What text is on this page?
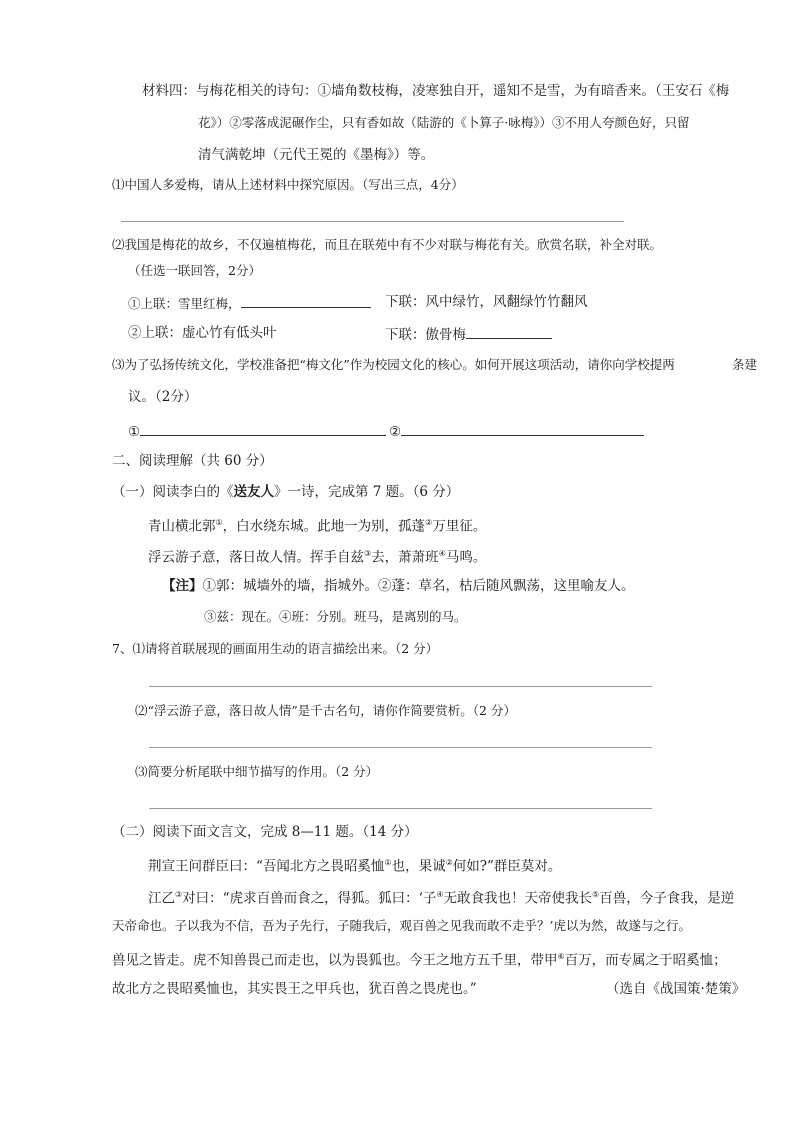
材料四：与梅花相关的诗句：①墙角数枝梅，凌寒独自开，遥知不是雪，为有暗香来。（王安石《梅
花》）②零落成泥碾作尘，只有香如故（陆游的《卜算子·咏梅》）③不用人夸颜色好，只留
清气满乾坤（元代王冕的《墨梅》）等。
⑴中国人多爱梅，请从上述材料中探究原因。（写出三点，4分）
⑵我国是梅花的故乡，不仅遍植梅花，而且在联苑中有不少对联与梅花有关。欣赏名联，补全对联。
（任选一联回答，2分）
①上联：雪里红梅，	下联：风中绿竹，风翻绿竹竹翻风
②上联：虚心竹有低头叶	下联：傲骨梅
⑶为了弘扬传统文化，学校准备把“梅文化”作为校园文化的核心。如何开展这项活动，请你向学校提两	条建
议。（2分）
①	②
二、阅读理解（共 60 分）
（一）阅读李白的《送友人》一诗，完成第 7 题。（6 分）
青山横北郭①，白水绕东城。此地一为别，孤蓬②万里征。
浮云游子意，落日故人情。挥手自兹③去，萧萧班④马鸣。
【注】①郭：城墙外的墙，指城外。②蓬：草名，枯后随风飘荡，这里喻友人。
③兹：现在。④班：分别。班马，是离别的马。
7、⑴请将首联展现的画面用生动的语言描绘出来。（2 分）
⑵“浮云游子意，落日故人情”是千古名句，请你作简要赏析。（2 分）
⑶简要分析尾联中细节描写的作用。（2 分）
（二）阅读下面文言文，完成 8—11 题。（14 分）
荆宣王问群臣曰：“吾闻北方之畏昭奚恤①也，果诚②何如?”群臣莫对。
江乙③对曰：“虎求百兽而食之，得狐。狐曰：‘子④无敢食我也！天帝使我长⑤百兽，今子食我，是逆
天帝命也。子以我为不信，吾为子先行，子随我后，观百兽之见我而敢不走乎？’虎以为然，故遂与之行。
兽见之皆走。虎不知兽畏己而走也，以为畏狐也。今王之地方五千里，带甲⑥百万，而专属之于昭奚恤；
故北方之畏昭奚恤也，其实畏王之甲兵也，犹百兽之畏虎也。”	（选自《战国策·楚策》
